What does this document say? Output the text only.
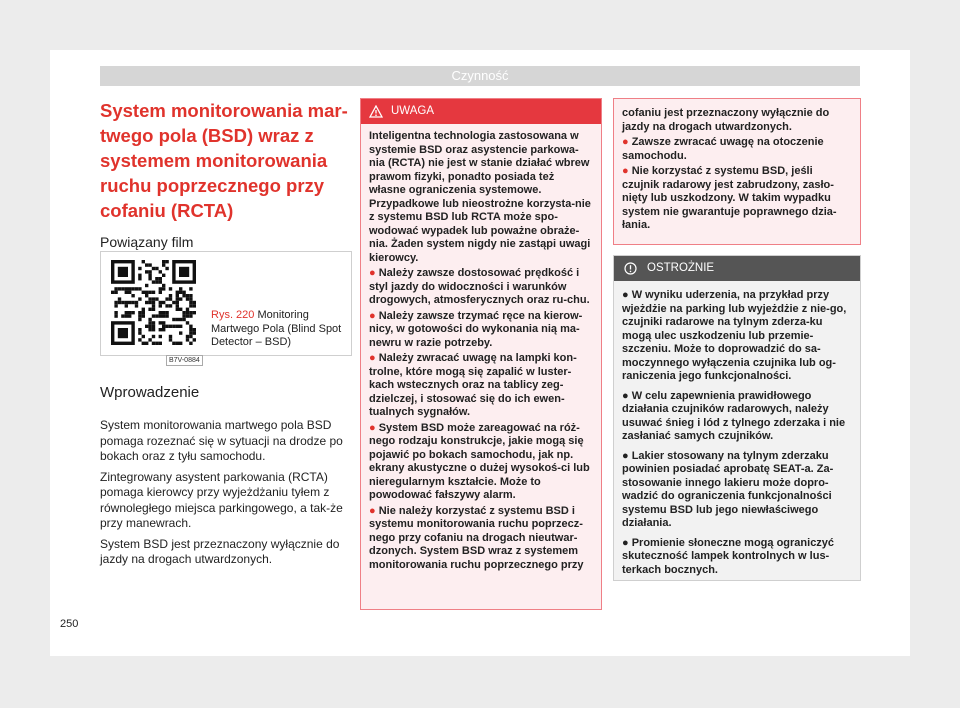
Czynność
System monitorowania mar-twego pola (BSD) wraz z systemem monitorowania ruchu poprzecznego przy cofaniu (RCTA)
Powiązany film
B7V-0884
Rys. 220 Monitoring Martwego Pola (Blind Spot Detector – BSD)
Wprowadzenie

System monitorowania martwego pola BSD pomaga rozeznać się w sytuacji na drodze po bokach oraz z tyłu samochodu.

Zintegrowany asystent parkowania (RCTA) pomaga kierowcy przy wyjeżdżaniu tyłem z równoległego miejsca parkingowego, a tak-że przy manewrach.

System BSD jest przeznaczony wyłącznie do jazdy na drogach utwardzonych.

UWAGA

Inteligentna technologia zastosowana w systemie BSD oraz asystencie parkowa-nia (RCTA) nie jest w stanie działać wbrew prawom fizyki, ponadto posiada też własne ograniczenia systemowe. Przypadkowe lub nieostrożne korzysta-nie z systemu BSD lub RCTA może spo-wodować wypadek lub poważne obraże-nia. Żaden system nigdy nie zastąpi uwagi kierowcy.

● Należy zawsze dostosować prędkość i styl jazdy do widoczności i warunków drogowych, atmosferycznych oraz ru-chu.

● Należy zawsze trzymać ręce na kierow-nicy, w gotowości do wykonania nią ma-newru w razie potrzeby.

● Należy zwracać uwagę na lampki kon-trolne, które mogą się zapalić w luster-kach wstecznych oraz na tablicy zeg-dzielczej, i stosować się do ich ewen-tualnych sygnałów.

● System BSD może zareagować na róż-nego rodzaju konstrukcje, jakie mogą się pojawić po bokach samochodu, jak np. ekrany akustyczne o dużej wysokoś-ci lub nieregularnym kształcie. Może to powodować fałszywy alarm.

● Nie należy korzystać z systemu BSD i systemu monitorowania ruchu poprzecz-nego przy cofaniu na drogach nieutwar-dzonych. System BSD wraz z systemem monitorowania ruchu poprzecznego przy

cofaniu jest przeznaczony wyłącznie do jazdy na drogach utwardzonych.

● Zawsze zwracać uwagę na otoczenie samochodu.

● Nie korzystać z systemu BSD, jeśli czujnik radarowy jest zabrudzony, zasło-nięty lub uszkodzony. W takim wypadku system nie gwarantuje poprawnego dzia-łania.

OSTROŻNIE

● W wyniku uderzenia, na przykład przy wjeżdżie na parking lub wyjeżdżie z nie-go, czujniki radarowe na tylnym zderza-ku mogą ulec uszkodzeniu lub przemie-szczeniu. Może to doprowadzić do sa-moczynnego wyłączenia czujnika lub og-raniczenia jego funkcjonalności.

● W celu zapewnienia prawidłowego działania czujników radarowych, należy usuwać śnieg i lód z tylnego zderzaka i nie zasłaniać samych czujników.

● Lakier stosowany na tylnym zderzaku powinien posiadać aprobatę SEAT-a. Za-stosowanie innego lakieru może dopro-wadzić do ograniczenia funkcjonalności systemu BSD lub jego niewłaściwego działania.

● Promienie słoneczne mogą ograniczyć skuteczność lampek kontrolnych w lus-terkach bocznych.

250
